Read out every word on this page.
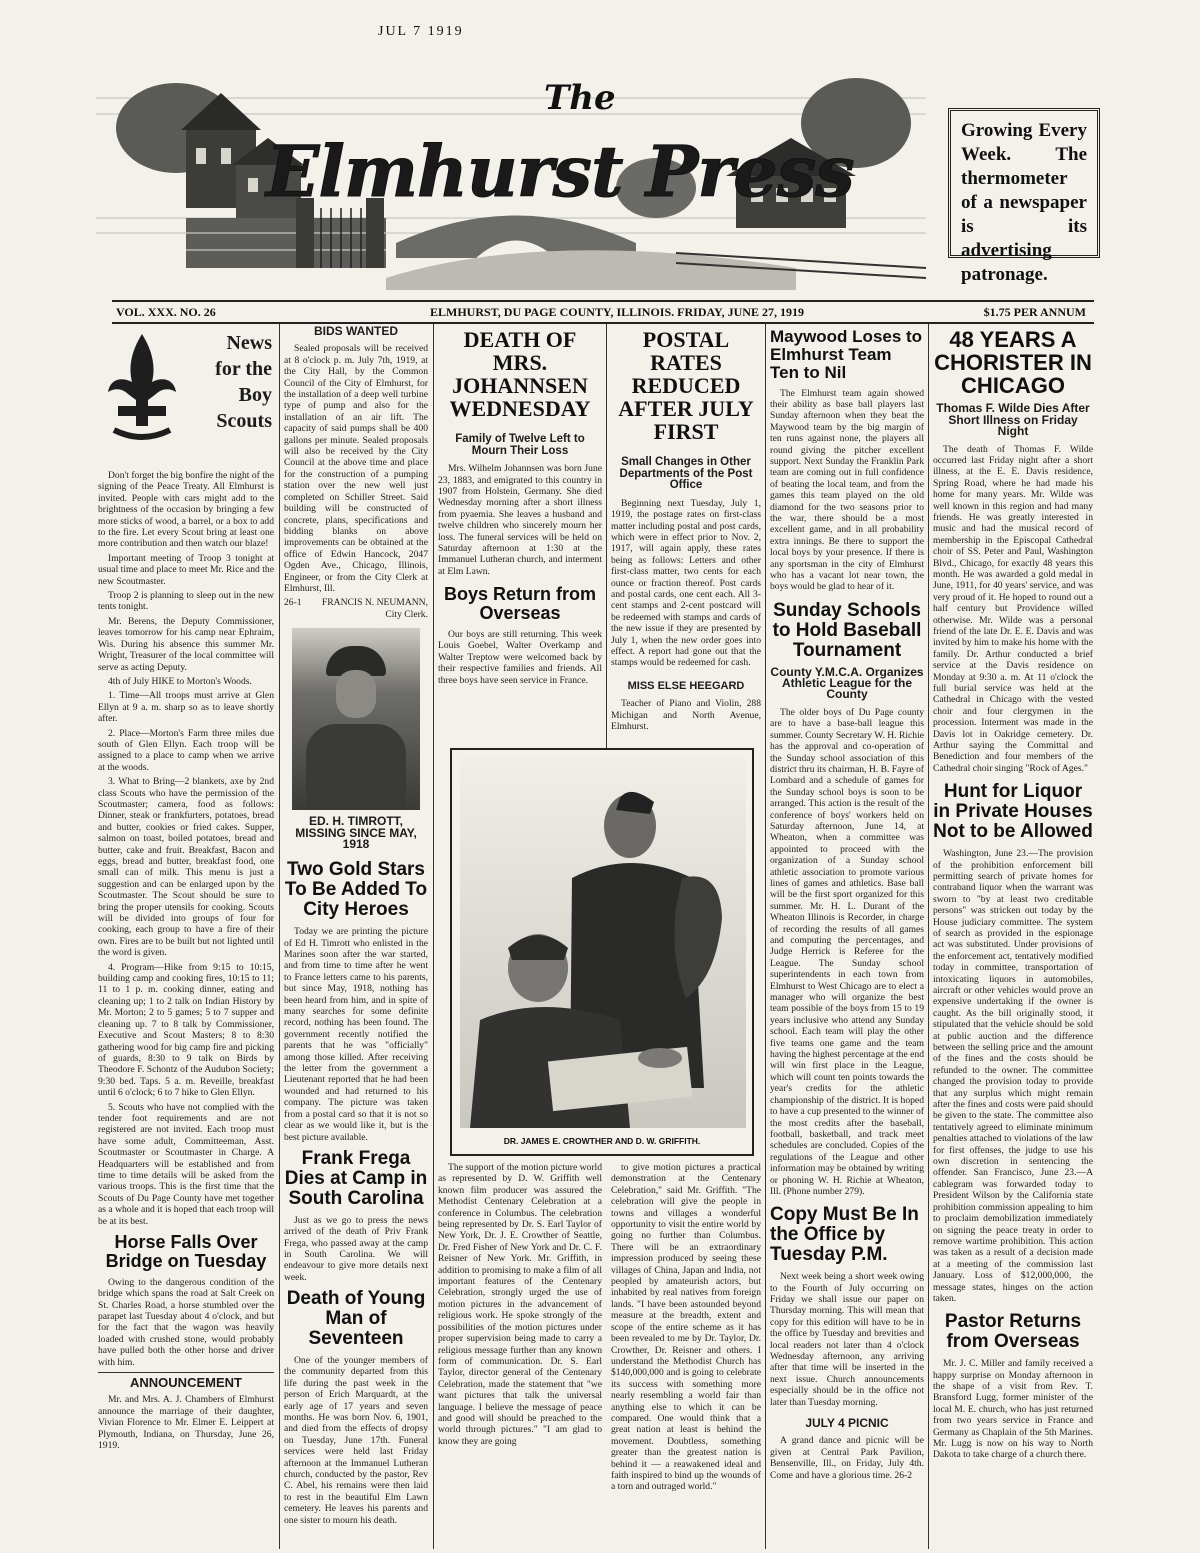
JUL 7 1919
The
Elmhurst Press	Growing Every Week. The thermometer of a newspaper is its advertising patronage.
VOL. XXX. NO. 26	ELMHURST, DU PAGE COUNTY, ILLINOIS. FRIDAY, JUNE 27, 1919	$1.75 PER ANNUM
News for the Boy Scouts

Don't forget the big bonfire the night of the signing of the Peace Treaty. All Elmhurst is invited. People with cars might add to the brightness of the occasion by bringing a few more sticks of wood, a barrel, or a box to add to the fire. Let every Scout bring at least one more contribution and then watch our blaze!

Important meeting of Troop 3 tonight at usual time and place to meet Mr. Rice and the new Scoutmaster.

Troop 2 is planning to sleep out in the new tents tonight.

Mr. Berens, the Deputy Commissioner, leaves tomorrow for his camp near Ephraim, Wis. During his absence this summer Mr. Wright, Treasurer of the local committee will serve as acting Deputy.

4th of July HIKE to Morton's Woods.

1. Time—All troops must arrive at Glen Ellyn at 9 a. m. sharp so as to leave shortly after.

2. Place—Morton's Farm three miles due south of Glen Ellyn. Each troop will be assigned to a place to camp when we arrive at the woods.

3. What to Bring—2 blankets, axe by 2nd class Scouts who have the permission of the Scoutmaster; camera, food as follows: Dinner, steak or frankfurters, potatoes, bread and butter, cookies or fried cakes. Supper, salmon on toast, boiled potatoes, bread and butter, cake and fruit. Breakfast, Bacon and eggs, bread and butter, breakfast food, one small can of milk. This menu is just a suggestion and can be enlarged upon by the Scoutmaster. The Scout should be sure to bring the proper utensils for cooking. Scouts will be divided into groups of four for cooking, each group to have a fire of their own. Fires are to be built but not lighted until the word is given.

4. Program—Hike from 9:15 to 10:15, building camp and cooking fires, 10:15 to 11; 11 to 1 p. m. cooking dinner, eating and cleaning up; 1 to 2 talk on Indian History by Mr. Morton; 2 to 5 games; 5 to 7 supper and cleaning up. 7 to 8 talk by Commissioner, Executive and Scout Masters; 8 to 8:30 gathering wood for big camp fire and picking of guards, 8:30 to 9 talk on Birds by Theodore F. Schontz of the Audubon Society; 9:30 bed. Taps. 5 a. m. Reveille, breakfast until 6 o'clock; 6 to 7 hike to Glen Ellyn.

5. Scouts who have not complied with the tender foot requirements and are not registered are not invited. Each troop must have some adult, Committeeman, Asst. Scoutmaster or Scoutmaster in Charge. A Headquarters will be established and from time to time details will be asked from the various troops. This is the first time that the Scouts of Du Page County have met together as a whole and it is hoped that each troop will be at its best.

Horse Falls Over Bridge on Tuesday

Owing to the dangerous condition of the bridge which spans the road at Salt Creek on St. Charles Road, a horse stumbled over the parapet last Tuesday about 4 o'clock, and but for the fact that the wagon was heavily loaded with crushed stone, would probably have pulled both the other horse and driver with him.

ANNOUNCEMENT

Mr. and Mrs. A. J. Chambers of Elmhurst announce the marriage of their daughter, Vivian Florence to Mr. Elmer E. Leippert at Plymouth, Indiana, on Thursday, June 26, 1919.

BIDS WANTED

Sealed proposals will be received at 8 o'clock p. m. July 7th, 1919, at the City Hall, by the Common Council of the City of Elmhurst, for the installation of a deep well turbine type of pump and also for the installation of an air lift. The capacity of said pumps shall be 400 gallons per minute. Sealed proposals will also be received by the City Council at the above time and place for the construction of a pumping station over the new well just completed on Schiller Street. Said building will be constructed of concrete, plans, specifications and bidding blanks on above improvements can be obtained at the office of Edwin Hancock, 2047 Ogden Ave., Chicago, Illinois, Engineer, or from the City Clerk at Elmhurst, Ill.

26-1 FRANCIS N. NEUMANN,
City Clerk.
ED. H. TIMROTT, MISSING SINCE MAY, 1918
Two Gold Stars To Be Added To City Heroes

Today we are printing the picture of Ed H. Timrott who enlisted in the Marines soon after the war started, and from time to time after he went to France letters came to his parents, but since May, 1918, nothing has been heard from him, and in spite of many searches for some definite record, nothing has been found. The government recently notified the parents that he was "officially" among those killed. After receiving the letter from the government a Lieutenant reported that he had been wounded and had returned to his company. The picture was taken from a postal card so that it is not so clear as we would like it, but is the best picture available.

Frank Frega Dies at Camp in South Carolina

Just as we go to press the news arrived of the death of Priv Frank Frega, who passed away at the camp in South Carolina. We will endeavour to give more details next week.

Death of Young Man of Seventeen

One of the younger members of the community departed from this life during the past week in the person of Erich Marquardt, at the early age of 17 years and seven months. He was born Nov. 6, 1901, and died from the effects of dropsy on Tuesday, June 17th. Funeral services were held last Friday afternoon at the Immanuel Lutheran church, conducted by the pastor, Rev C. Abel, his remains were then laid to rest in the beautiful Elm Lawn cemetery. He leaves his parents and one sister to mourn his death.

DEATH OF MRS. JOHANNSEN WEDNESDAY
Family of Twelve Left to Mourn Their Loss

Mrs. Wilhelm Johannsen was born June 23, 1883, and emigrated to this country in 1907 from Holstein, Germany. She died Wednesday morning after a short illness from pyaemia. She leaves a husband and twelve children who sincerely mourn her loss. The funeral services will be held on Saturday afternoon at 1:30 at the Immanuel Lutheran church, and interment at Elm Lawn.

Boys Return from Overseas

Our boys are still returning. This week Louis Goebel, Walter Overkamp and Walter Treptow were welcomed back by their respective families and friends. All three boys have seen service in France.

POSTAL RATES REDUCED AFTER JULY FIRST
Small Changes in Other Departments of the Post Office

Beginning next Tuesday, July 1, 1919, the postage rates on first-class matter including postal and post cards, which were in effect prior to Nov. 2, 1917, will again apply, these rates being as follows: Letters and other first-class matter, two cents for each ounce or fraction thereof. Post cards and postal cards, one cent each. All 3-cent stamps and 2-cent postcard will be redeemed with stamps and cards of the new issue if they are presented by July 1, when the new order goes into effect. A report had gone out that the stamps would be redeemed for cash.

MISS ELSE HEEGARD

Teacher of Piano and Violin, 288 Michigan and North Avenue, Elmhurst.

DR. JAMES E. CROWTHER AND D. W. GRIFFITH.

The support of the motion picture world as represented by D. W. Griffith well known film producer was assured the Methodist Centenary Celebration at a conference in Columbus. The celebration being represented by Dr. S. Earl Taylor of New York, Dr. J. E. Crowther of Seattle, Dr. Fred Fisher of New York and Dr. C. F. Reisner of New York. Mr. Griffith, in addition to promising to make a film of all important features of the Centenary Celebration, strongly urged the use of motion pictures in the advancement of religious work. He spoke strongly of the possibilities of the motion pictures under proper supervision being made to carry a religious message further than any known form of communication. Dr. S. Earl Taylor, director general of the Centenary Celebration, made the statement that "we want pictures that talk the universal language. I believe the message of peace and good will should be preached to the world through pictures." "I am glad to know they are going

to give motion pictures a practical demonstration at the Centenary Celebration," said Mr. Griffith. "The celebration will give the people in towns and villages a wonderful opportunity to visit the entire world by going no further than Columbus. There will be an extraordinary impression produced by seeing these villages of China, Japan and India, not peopled by amateurish actors, but inhabited by real natives from foreign lands. "I have been astounded beyond measure at the breadth, extent and scope of the entire scheme as it has been revealed to me by Dr. Taylor, Dr. Crowther, Dr. Reisner and others. I understand the Methodist Church has $140,000,000 and is going to celebrate its success with something more nearly resembling a world fair than anything else to which it can be compared. One would think that a great nation at least is behind the movement. Doubtless, something greater than the greatest nation is behind it — a reawakened ideal and faith inspired to bind up the wounds of a torn and outraged world."

Maywood Loses to Elmhurst Team Ten to Nil

The Elmhurst team again showed their ability as base ball players last Sunday afternoon when they beat the Maywood team by the big margin of ten runs against none, the players all round giving the pitcher excellent support. Next Sunday the Franklin Park team are coming out in full confidence of beating the local team, and from the games this team played on the old diamond for the two seasons prior to the war, there should be a most excellent game, and in all probability extra innings. Be there to support the local boys by your presence. If there is any sportsman in the city of Elmhurst who has a vacant lot near town, the boys would be glad to hear of it.

Sunday Schools to Hold Baseball Tournament
County Y.M.C.A. Organizes Athletic League for the County

The older boys of Du Page county are to have a base-ball league this summer. County Secretary W. H. Richie has the approval and co-operation of the Sunday school association of this district thru its chairman, H. B. Fayre of Lombard and a schedule of games for the Sunday school boys is soon to be arranged. This action is the result of the conference of boys' workers held on Saturday afternoon, June 14, at Wheaton, when a committee was appointed to proceed with the organization of a Sunday school athletic association to promote various lines of games and athletics. Base ball will be the first sport organized for this summer. Mr. H. L. Durant of the Wheaton Illinois is Recorder, in charge of recording the results of all games and computing the percentages, and Judge Herrick is Referee for the League. The Sunday school superintendents in each town from Elmhurst to West Chicago are to elect a manager who will organize the best team possible of the boys from 15 to 19 years inclusive who attend any Sunday school. Each team will play the other five teams one game and the team having the highest percentage at the end will win first place in the League, which will count ten points towards the year's credits for the athletic championship of the district. It is hoped to have a cup presented to the winner of the most credits after the baseball, football, basketball, and track meet schedules are concluded. Copies of the regulations of the League and other information may be obtained by writing or phoning W. H. Richie at Wheaton, Ill. (Phone number 279).

Copy Must Be In the Office by Tuesday P.M.

Next week being a short week owing to the Fourth of July occurring on Friday we shall issue our paper on Thursday morning. This will mean that copy for this edition will have to be in the office by Tuesday and brevities and local readers not later than 4 o'clock Wednesday afternoon, any arriving after that time will be inserted in the next issue. Church announcements especially should be in the office not later than Tuesday morning.

JULY 4 PICNIC

A grand dance and picnic will be given at Central Park Pavilion, Bensenville, Ill., on Friday, July 4th. Come and have a glorious time. 26-2

48 YEARS A CHORISTER IN CHICAGO
Thomas F. Wilde Dies After Short Illness on Friday Night

The death of Thomas F. Wilde occurred last Friday night after a short illness, at the E. E. Davis residence, Spring Road, where he had made his home for many years. Mr. Wilde was well known in this region and had many friends. He was greatly interested in music and had the musical record of membership in the Episcopal Cathedral choir of SS. Peter and Paul, Washington Blvd., Chicago, for exactly 48 years this month. He was awarded a gold medal in June, 1911, for 40 years' service, and was very proud of it. He hoped to round out a half century but Providence willed otherwise. Mr. Wilde was a personal friend of the late Dr. E. E. Davis and was invited by him to make his home with the family. Dr. Arthur conducted a brief service at the Davis residence on Monday at 9:30 a. m. At 11 o'clock the full burial service was held at the Cathedral in Chicago with the vested choir and four clergymen in the procession. Interment was made in the Davis lot in Oakridge cemetery. Dr. Arthur saying the Committal and Benediction and four members of the Cathedral choir singing "Rock of Ages."

Hunt for Liquor in Private Houses Not to be Allowed

Washington, June 23.—The provision of the prohibition enforcement bill permitting search of private homes for contraband liquor when the warrant was sworn to "by at least two creditable persons" was stricken out today by the House judiciary committee. The system of search as provided in the espionage act was substituted. Under provisions of the enforcement act, tentatively modified today in committee, transportation of intoxicating liquors in automobiles, aircraft or other vehicles would prove an expensive undertaking if the owner is caught. As the bill originally stood, it stipulated that the vehicle should be sold at public auction and the difference between the selling price and the amount of the fines and the costs should be refunded to the owner. The committee changed the provision today to provide that any surplus which might remain after the fines and costs were paid should be given to the state. The committee also tentatively agreed to eliminate minimum penalties attached to violations of the law for first offenses, the judge to use his own discretion in sentencing the offender. San Francisco, June 23.—A cablegram was forwarded today to President Wilson by the California state prohibition commission appealing to him to proclaim demobilization immediately on signing the peace treaty in order to remove wartime prohibition. This action was taken as a result of a decision made at a meeting of the commission last January. Loss of $12,000,000, the message states, hinges on the action taken.

Pastor Returns from Overseas

Mr. J. C. Miller and family received a happy surprise on Monday afternoon in the shape of a visit from Rev. T. Bransford Lugg, former minister of the local M. E. church, who has just returned from two years service in France and Germany as Chaplain of the 5th Marines. Mr. Lugg is now on his way to North Dakota to take charge of a church there.
